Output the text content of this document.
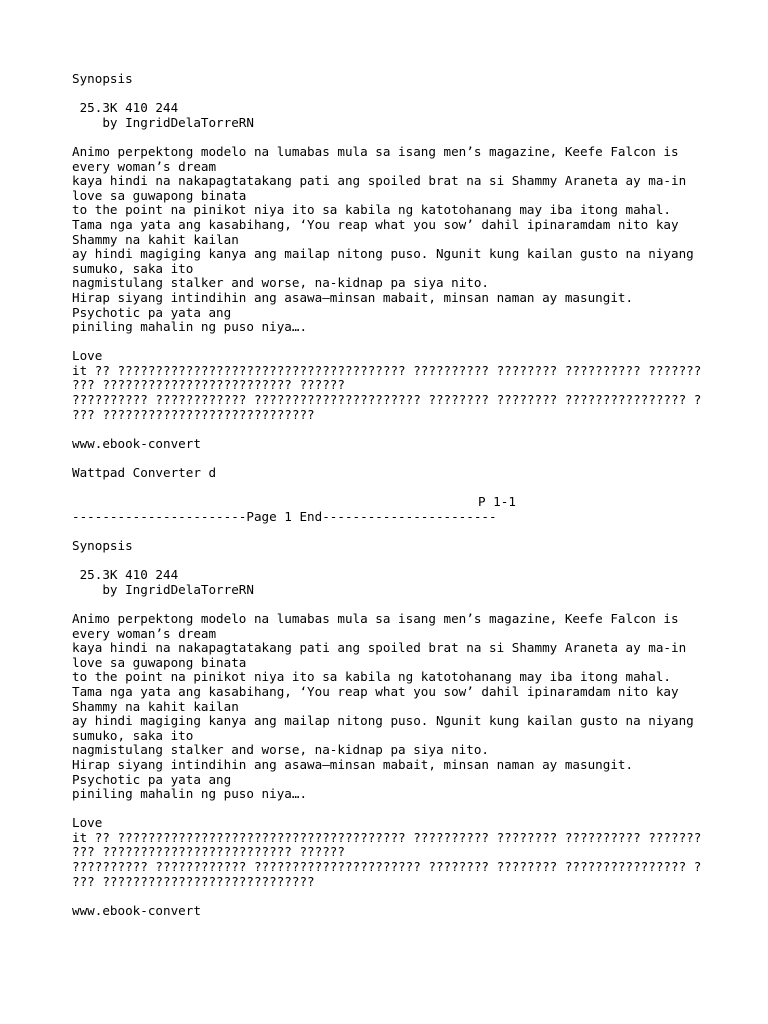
Synopsis
25.3K 410 244
by IngridDelaTorreRN
Animo perpektong modelo na lumabas mula sa isang men’s magazine, Keefe Falcon is
every woman’s dream
kaya hindi na nakapagtatakang pati ang spoiled brat na si Shammy Araneta ay ma-in
love sa guwapong binata
to the point na pinikot niya ito sa kabila ng katotohanang may iba itong mahal.
Tama nga yata ang kasabihang, ‘You reap what you sow’ dahil ipinaramdam nito kay
Shammy na kahit kailan
ay hindi magiging kanya ang mailap nitong puso. Ngunit kung kailan gusto na niyang
sumuko, saka ito
nagmistulang stalker and worse, na-kidnap pa siya nito.
Hirap siyang intindihin ang asawa—minsan mabait, minsan naman ay masungit.
Psychotic pa yata ang
piniling mahalin ng puso niya….
Love
it ?? ?????????????????????????????????????? ?????????? ???????? ?????????? ???????
??? ????????????????????????? ??????
?????????? ???????????? ?????????????????????? ???????? ???????? ???????????????? ?
??? ????????????????????????????
www.ebook-convert
Wattpad Converter d
P 1-1
-----------------------Page 1 End-----------------------
Synopsis
25.3K 410 244
by IngridDelaTorreRN
Animo perpektong modelo na lumabas mula sa isang men’s magazine, Keefe Falcon is
every woman’s dream
kaya hindi na nakapagtatakang pati ang spoiled brat na si Shammy Araneta ay ma-in
love sa guwapong binata
to the point na pinikot niya ito sa kabila ng katotohanang may iba itong mahal.
Tama nga yata ang kasabihang, ‘You reap what you sow’ dahil ipinaramdam nito kay
Shammy na kahit kailan
ay hindi magiging kanya ang mailap nitong puso. Ngunit kung kailan gusto na niyang
sumuko, saka ito
nagmistulang stalker and worse, na-kidnap pa siya nito.
Hirap siyang intindihin ang asawa—minsan mabait, minsan naman ay masungit.
Psychotic pa yata ang
piniling mahalin ng puso niya….
Love
it ?? ?????????????????????????????????????? ?????????? ???????? ?????????? ???????
??? ????????????????????????? ??????
?????????? ???????????? ?????????????????????? ???????? ???????? ???????????????? ?
??? ????????????????????????????
www.ebook-convert
